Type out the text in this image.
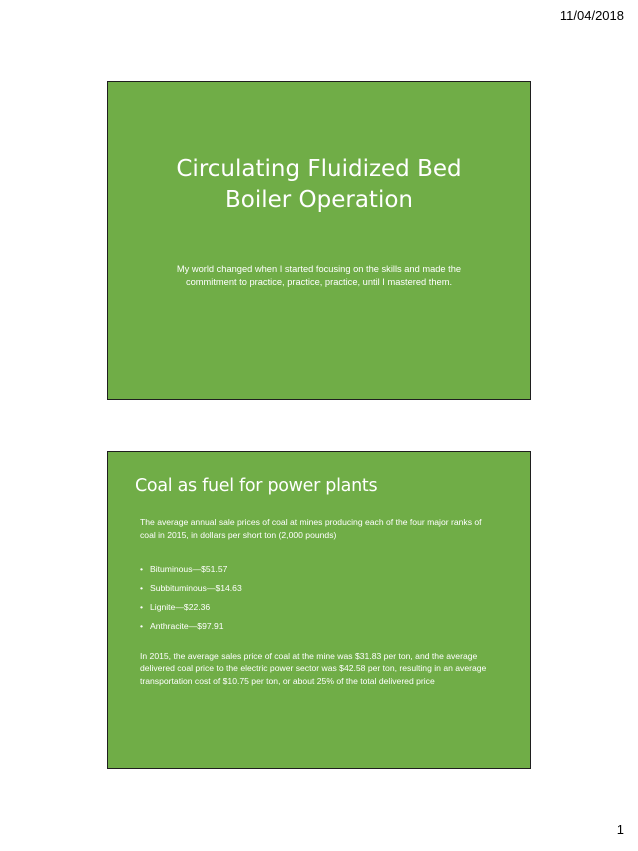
11/04/2018
Circulating Fluidized Bed Boiler Operation

My world changed when I started focusing on the skills and made the commitment to practice, practice, practice, until I mastered them.

Coal as fuel for power plants

The average annual sale prices of coal at mines producing each of the four major ranks of coal in 2015, in dollars per short ton (2,000 pounds)

• Bituminous—$51.57
• Subbituminous—$14.63
• Lignite—$22.36
• Anthracite—$97.91

In 2015, the average sales price of coal at the mine was $31.83 per ton, and the average delivered coal price to the electric power sector was $42.58 per ton, resulting in an average transportation cost of $10.75 per ton, or about 25% of the total delivered price

1
